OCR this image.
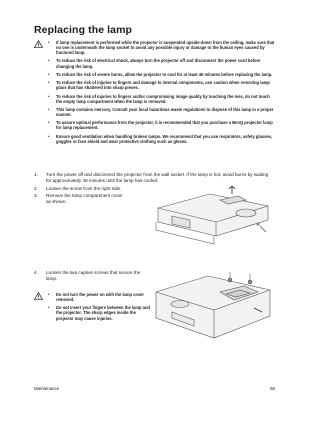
Replacing the lamp
• If lamp replacement is performed while the projector is suspended upside-down from the ceiling, make sure that no one is underneath the lamp socket to avoid any possible injury or damage to the human eyes caused by fractured lamp.
• To reduce the risk of electrical shock, always turn the projector off and disconnect the power cord before changing the lamp.
• To reduce the risk of severe burns, allow the projector to cool for at least 45 minutes before replacing the lamp.
• To reduce the risk of injuries to fingers and damage to internal components, use caution when removing lamp glass that has shattered into sharp pieces.
• To reduce the risk of injuries to fingers and/or compromising image quality by touching the lens, do not touch the empty lamp compartment when the lamp is removed.
• This lamp contains mercury. Consult your local hazardous waste regulations to dispose of this lamp in a proper manner.
• To assure optimal performance from the projector, it is recommended that you purchase a BenQ projector lamp for lamp replacement.
• Ensure good ventilation when handling broken lamps. We recommend that you use respirators, safety glasses, goggles or face shield and wear protective clothing such as gloves.
1. Turn the power off and disconnect the projector from the wall socket. If the lamp is hot, avoid burns by waiting for approximately 45 minutes until the lamp has cooled.
2. Loosen the screw from the right side.
3. Remove the lamp compartment cover as shown.
4. Loosen the two captive screws that secure the lamp.
• Do not turn the power on with the lamp cover removed.
• Do not insert your fingers between the lamp and the projector. The sharp edges inside the projector may cause injuries.
Maintenance	65
